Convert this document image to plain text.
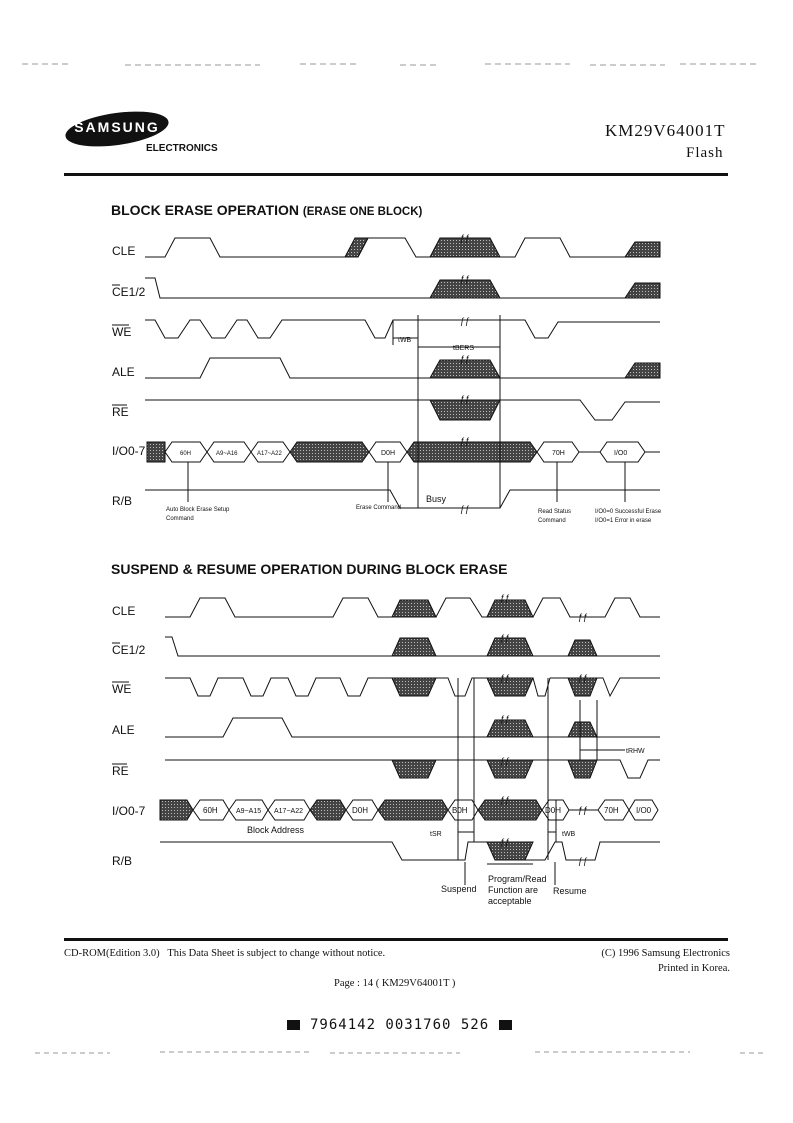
SAMSUNG
ELECTRONICS
KM29V64001T
Flash
BLOCK ERASE OPERATION (ERASE ONE BLOCK)
CLE
CE1/2
WE
ALE
RE
I/O0-7
R/B
60H	A9~A16	A17~A22	D0H	70H	I/O0
tWB
tBERS
ƒƒ
ƒƒ
ƒƒ
ƒƒ
ƒƒ
ƒƒ
ƒƒ
Busy
Auto Block Erase Setup
Command
Erase Command
Read Status
Command
I/O0=0 Successful Erase
I/O0=1 Error in erase
SUSPEND & RESUME OPERATION DURING BLOCK ERASE
CLE
CE1/2
WE
ALE
RE
I/O0-7
R/B
60H	A9~A15 A17~A22	D0H	B0H	D0H	70H I/O0
tSR	tWB
tRHW
ƒƒ
ƒƒ
ƒƒ
ƒƒ
ƒƒ
ƒƒ
ƒƒ
ƒƒ
ƒƒ
ƒƒ
ƒƒ
Block Address
Suspend
Program/Read
Function are
acceptable
Resume
CD-ROM(Edition 3.0) This Data Sheet is subject to change without notice.	(C) 1996 Samsung Electronics
Printed in Korea.
Page : 14 ( KM29V64001T )
7964142 0031760 526
